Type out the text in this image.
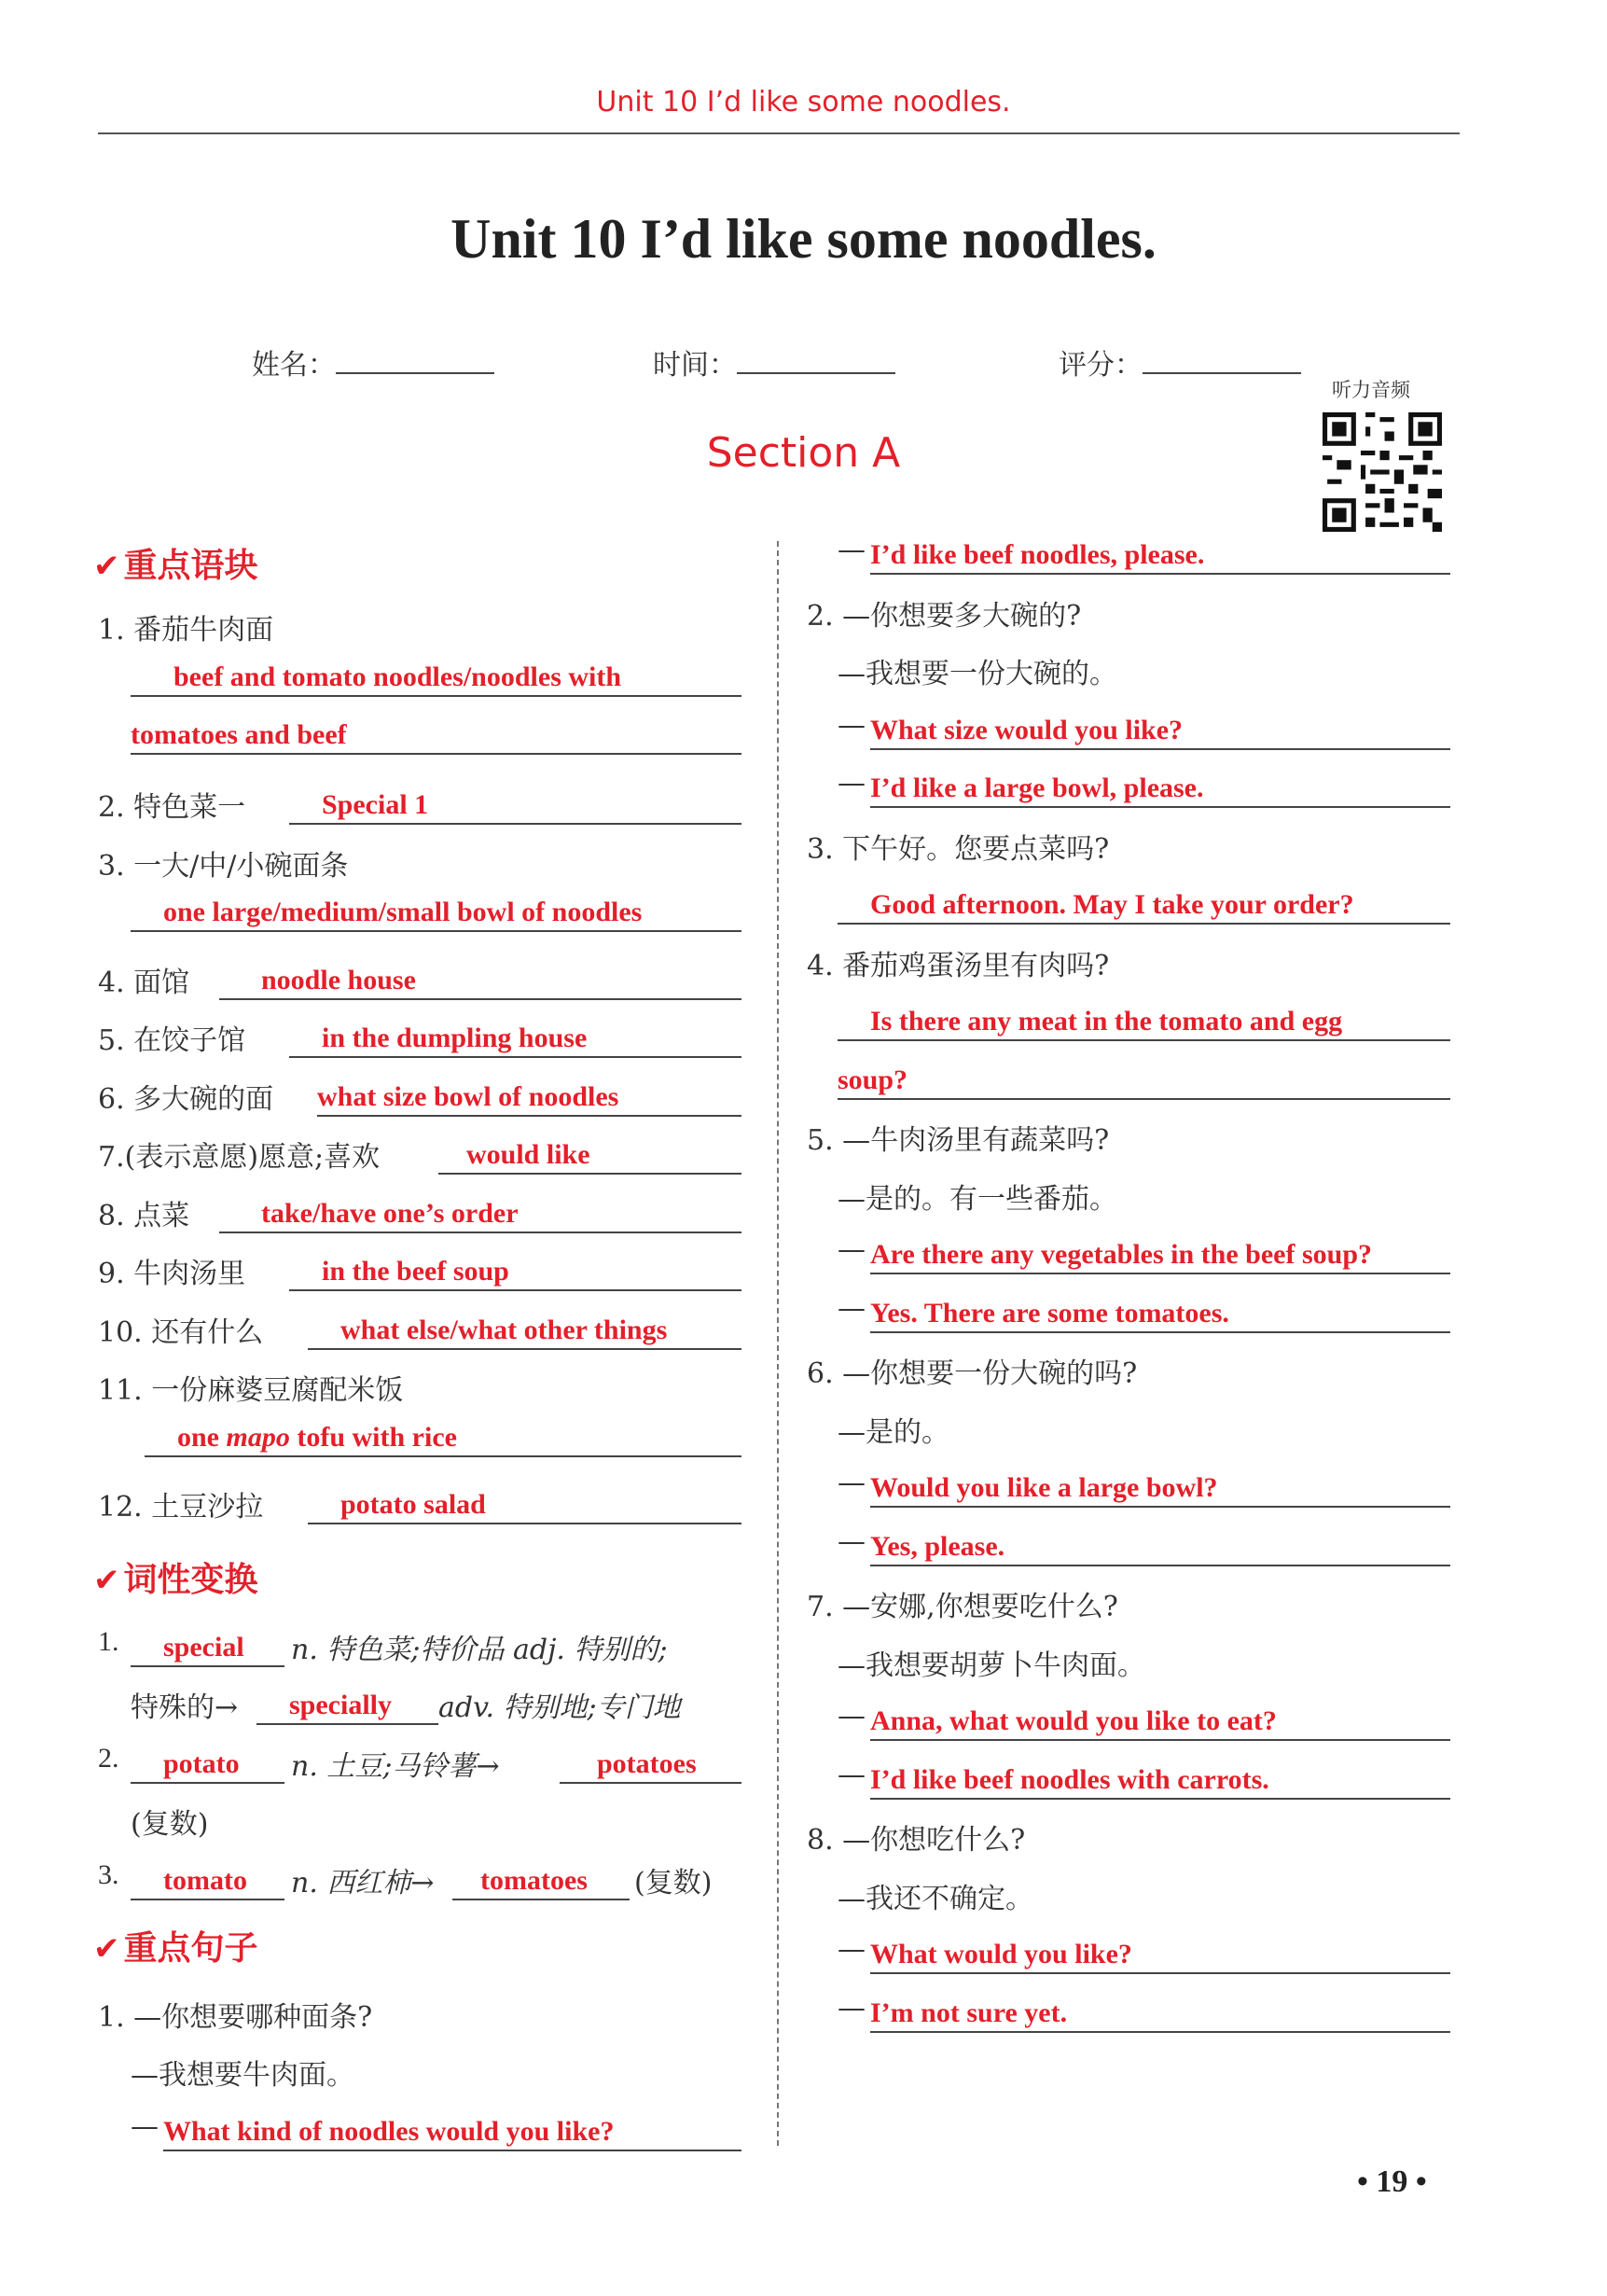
Unit 10 I’d like some noodles.
Unit 10 I’d like some noodles.
姓名：	时间：	评分：
听力音频
Section A
✔ 重点语块
1. 番茄牛肉面
beef and tomato noodles/noodles with
tomatoes and beef
2. 特色菜一	Special 1
3. 一大/中/小碗面条
one large/medium/small bowl of noodles
4. 面馆	noodle house
5. 在饺子馆	in the dumpling house
6. 多大碗的面 what size bowl of noodles
7.(表示意愿)愿意;喜欢	would like
8. 点菜	take/have one’s order
9. 牛肉汤里	in the beef soup
10. 还有什么	what else/what other things
11. 一份麻婆豆腐配米饭
one mapo tofu with rice
12. 土豆沙拉	potato salad
✔ 词性变换
1. special n. 特色菜;特价品 adj. 特别的;
特殊的→ specially adv. 特别地;专门地
2. potato n. 土豆;马铃薯→	potatoes
(复数)
3. tomato n. 西红柿→ tomatoes (复数)
✔ 重点句子
1. —你想要哪种面条?
—我想要牛肉面。
— What kind of noodles would you like?
— I’d like beef noodles, please.
2. —你想要多大碗的?
—我想要一份大碗的。
— What size would you like?
— I’d like a large bowl, please.
3. 下午好。您要点菜吗?
Good afternoon. May I take your order?
4. 番茄鸡蛋汤里有肉吗?
Is there any meat in the tomato and egg
soup?
5. —牛肉汤里有蔬菜吗?
—是的。有一些番茄。
— Are there any vegetables in the beef soup?
— Yes. There are some tomatoes.
6. —你想要一份大碗的吗?
—是的。
— Would you like a large bowl?
— Yes, please.
7. —安娜,你想要吃什么?
—我想要胡萝卜牛肉面。
— Anna, what would you like to eat?
— I’d like beef noodles with carrots.
8. —你想吃什么?
—我还不确定。
— What would you like?
— I’m not sure yet.
• 19 •
